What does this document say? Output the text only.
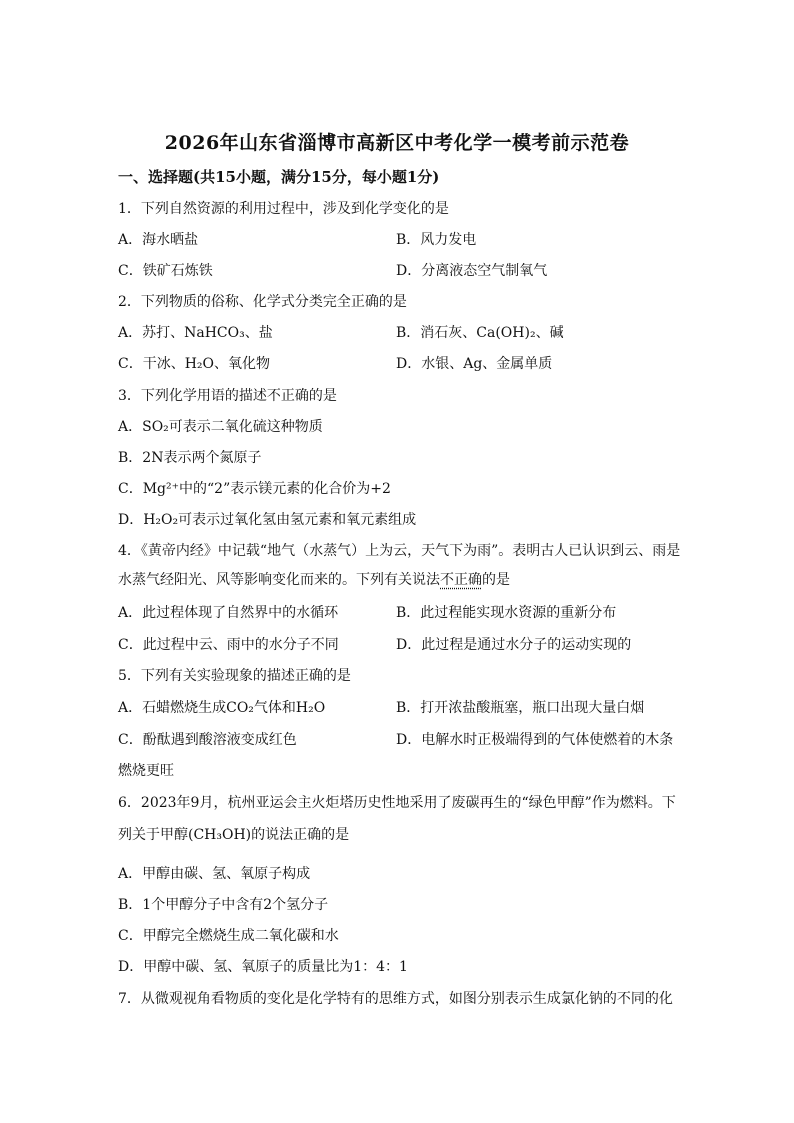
2026年山东省淄博市高新区中考化学一模考前示范卷
一、选择题(共15小题，满分15分，每小题1分)
1．下列自然资源的利用过程中，涉及到化学变化的是
A．海水晒盐	B．风力发电
C．铁矿石炼铁	D．分离液态空气制氧气
2．下列物质的俗称、化学式分类完全正确的是
A．苏打、NaHCO₃、盐	B．消石灰、Ca(OH)₂、碱
C．干冰、H₂O、氧化物	D．水银、Ag、金属单质
3．下列化学用语的描述不正确的是
A．SO₂可表示二氧化硫这种物质
B．2N表示两个氮原子
C．Mg²⁺中的“2”表示镁元素的化合价为+2
D．H₂O₂可表示过氧化氢由氢元素和氧元素组成
4．《黄帝内经》中记载“地气（水蒸气）上为云，天气下为雨”。表明古人已认识到云、雨是
水蒸气经阳光、风等影响变化而来的。下列有关说法不正确的是
A．此过程体现了自然界中的水循环	B．此过程能实现水资源的重新分布
C．此过程中云、雨中的水分子不同	D．此过程是通过水分子的运动实现的
5．下列有关实验现象的描述正确的是
A．石蜡燃烧生成CO₂气体和H₂O	B．打开浓盐酸瓶塞，瓶口出现大量白烟
C．酚酞遇到酸溶液变成红色	D．电解水时正极端得到的气体使燃着的木条
燃烧更旺
6．2023年9月，杭州亚运会主火炬塔历史性地采用了废碳再生的“绿色甲醇”作为燃料。下
列关于甲醇(CH₃OH)的说法正确的是
A．甲醇由碳、氢、氧原子构成
B．1个甲醇分子中含有2个氢分子
C．甲醇完全燃烧生成二氧化碳和水
D．甲醇中碳、氢、氧原子的质量比为1：4：1
7．从微观视角看物质的变化是化学特有的思维方式，如图分别表示生成氯化钠的不同的化
